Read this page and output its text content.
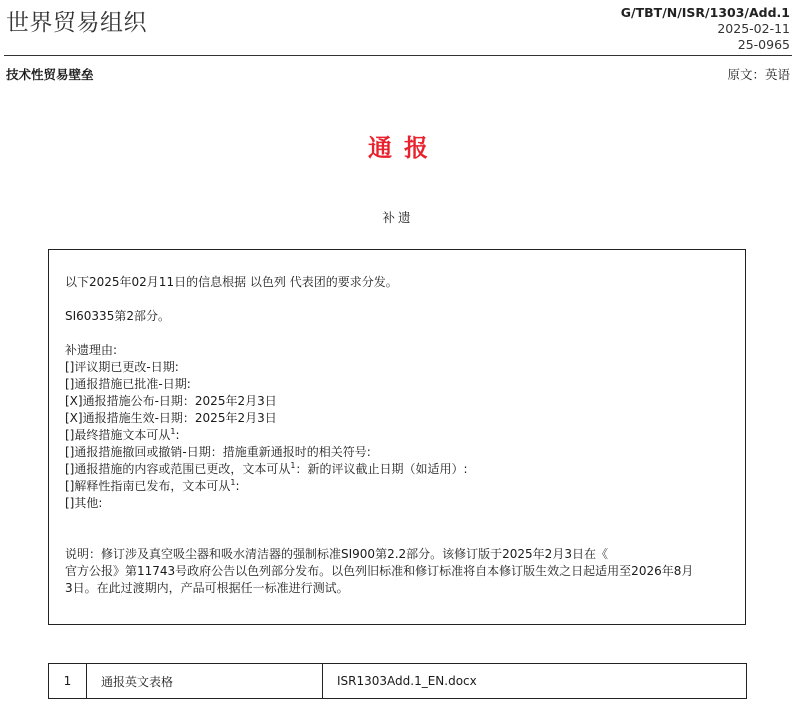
世界贸易组织	G/TBT/N/ISR/1303/Add.1
2025-02-11
25-0965
技术性贸易壁垒	原文：英语
通报
补遗

以下2025年02月11日的信息根据 以色列 代表团的要求分发。

SI60335第2部分。

补遗理由:

[]评议期已更改-日期:

[]通报措施已批准-日期:

[X]通报措施公布-日期：2025年2月3日

[X]通报措施生效-日期：2025年2月3日

[]最终措施文本可从$^1$:

[]通报措施撤回或撤销-日期：措施重新通报时的相关符号:

[]通报措施的内容或范围已更改，文本可从$^1$：新的评议截止日期（如适用）:

[]解释性指南已发布，文本可从$^1$:

[]其他:

说明：修订涉及真空吸尘器和吸水清洁器的强制标准SI900第2.2部分。该修订版于2025年2月3日在《

官方公报》第11743号政府公告以色列部分发布。以色列旧标准和修订标准将自本修订版生效之日起适用至2026年8月

3日。在此过渡期内，产品可根据任一标准进行测试。

1	通报英文表格	ISR1303Add.1_EN.docx
